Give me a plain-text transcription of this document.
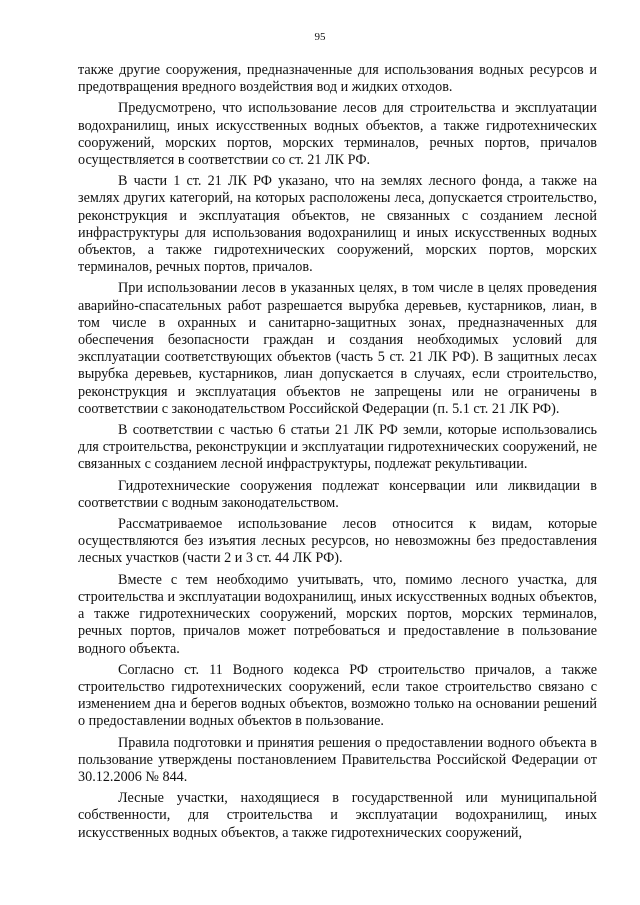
95

также другие сооружения, предназначенные для использования водных ресурсов и предотвращения вредного воздействия вод и жидких отходов.

Предусмотрено, что использование лесов для строительства и эксплуатации водохранилищ, иных искусственных водных объектов, а также гидротехнических сооружений, морских портов, морских терминалов, речных портов, причалов осуществляется в соответствии со ст. 21 ЛК РФ.

В части 1 ст. 21 ЛК РФ указано, что на землях лесного фонда, а также на землях других категорий, на которых расположены леса, допускается строительство, реконструкция и эксплуатация объектов, не связанных с созданием лесной инфраструктуры для использования водохранилищ и иных искусственных водных объектов, а также гидротехнических сооружений, морских портов, морских терминалов, речных портов, причалов.

При использовании лесов в указанных целях, в том числе в целях проведения аварийно-спасательных работ разрешается вырубка деревьев, кустарников, лиан, в том числе в охранных и санитарно-защитных зонах, предназначенных для обеспечения безопасности граждан и создания необходимых условий для эксплуатации соответствующих объектов (часть 5 ст. 21 ЛК РФ). В защитных лесах вырубка деревьев, кустарников, лиан допускается в случаях, если строительство, реконструкция и эксплуатация объектов не запрещены или не ограничены в соответствии с законодательством Российской Федерации (п. 5.1 ст. 21 ЛК РФ).

В соответствии с частью 6 статьи 21 ЛК РФ земли, которые использовались для строительства, реконструкции и эксплуатации гидротехнических сооружений, не связанных с созданием лесной инфраструктуры, подлежат рекультивации.

Гидротехнические сооружения подлежат консервации или ликвидации в соответствии с водным законодательством.

Рассматриваемое использование лесов относится к видам, которые осуществляются без изъятия лесных ресурсов, но невозможны без предоставления лесных участков (части 2 и 3 ст. 44 ЛК РФ).

Вместе с тем необходимо учитывать, что, помимо лесного участка, для строительства и эксплуатации водохранилищ, иных искусственных водных объектов, а также гидротехнических сооружений, морских портов, морских терминалов, речных портов, причалов может потребоваться и предоставление в пользование водного объекта.

Согласно ст. 11 Водного кодекса РФ строительство причалов, а также строительство гидротехнических сооружений, если такое строительство связано с изменением дна и берегов водных объектов, возможно только на основании решений о предоставлении водных объектов в пользование.

Правила подготовки и принятия решения о предоставлении водного объекта в пользование утверждены постановлением Правительства Российской Федерации от 30.12.2006 № 844.

Лесные участки, находящиеся в государственной или муниципальной собственности, для строительства и эксплуатации водохранилищ, иных искусственных водных объектов, а также гидротехнических сооружений,
